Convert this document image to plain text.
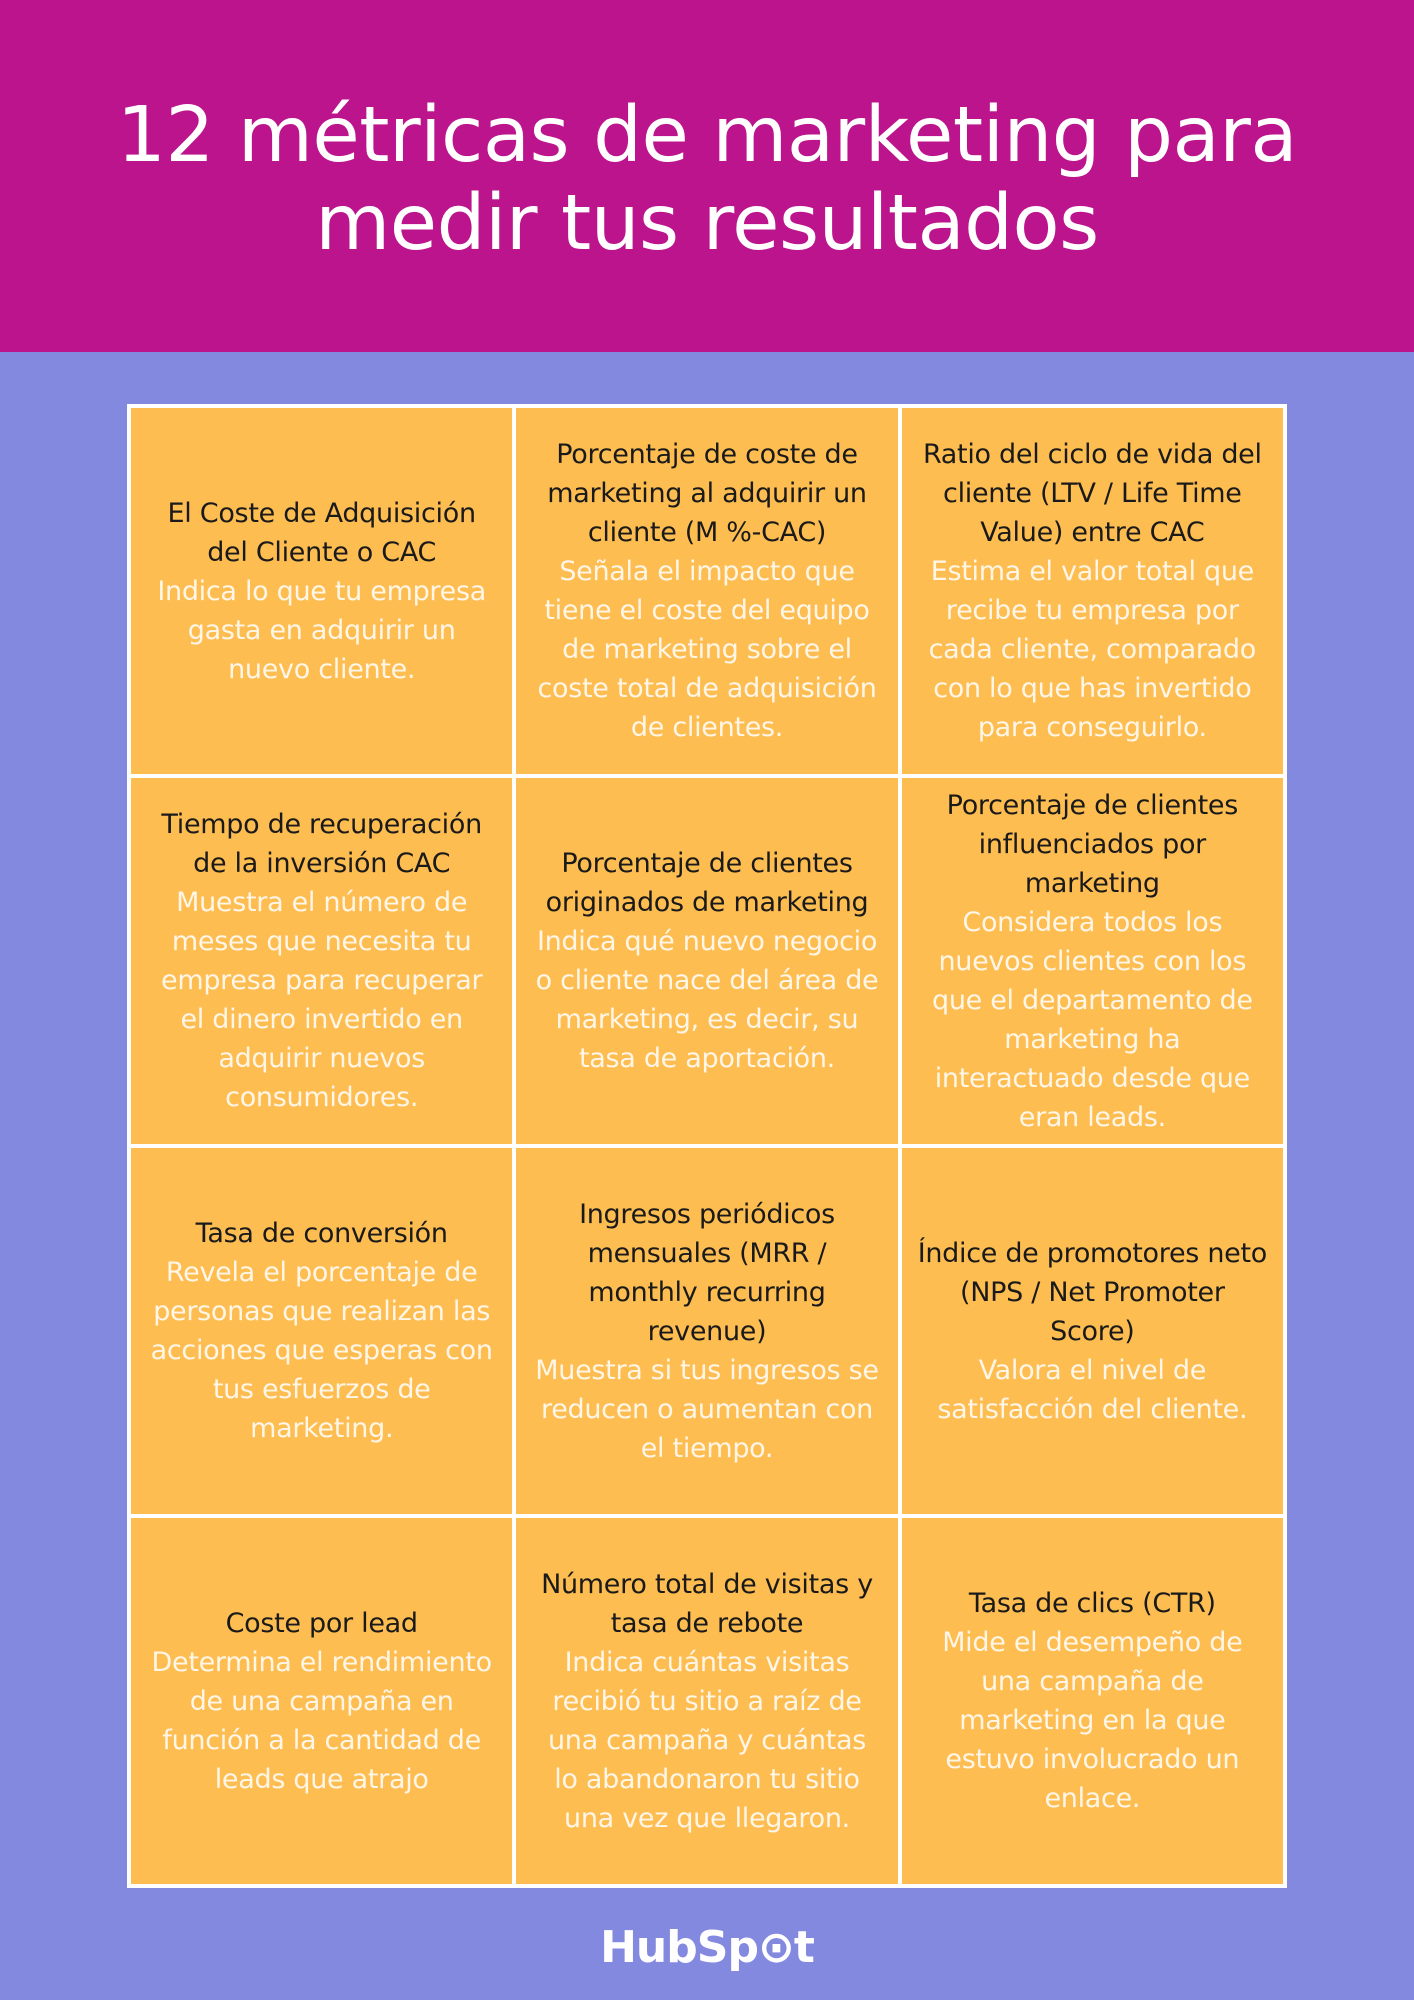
12 métricas de marketing para medir tus resultados
El Coste de Adquisición del Cliente o CAC
Indica lo que tu empresa gasta en adquirir un nuevo cliente.
Porcentaje de coste de marketing al adquirir un cliente (M %-CAC)
Señala el impacto que tiene el coste del equipo de marketing sobre el coste total de adquisición de clientes.
Ratio del ciclo de vida del cliente (LTV / Life Time Value) entre CAC
Estima el valor total que recibe tu empresa por cada cliente, comparado con lo que has invertido para conseguirlo.
Tiempo de recuperación de la inversión CAC
Muestra el número de meses que necesita tu empresa para recuperar el dinero invertido en adquirir nuevos consumidores.
Porcentaje de clientes originados de marketing
Indica qué nuevo negocio o cliente nace del área de marketing, es decir, su tasa de aportación.
Porcentaje de clientes influenciados por marketing
Considera todos los nuevos clientes con los que el departamento de marketing ha interactuado desde que eran leads.
Tasa de conversión
Revela el porcentaje de personas que realizan las acciones que esperas con tus esfuerzos de marketing.
Ingresos periódicos mensuales (MRR / monthly recurring revenue)
Muestra si tus ingresos se reducen o aumentan con el tiempo.
Índice de promotores neto (NPS / Net Promoter Score)
Valora el nivel de satisfacción del cliente.
Coste por lead
Determina el rendimiento de una campaña en función a la cantidad de leads que atrajo
Número total de visitas y tasa de rebote
Indica cuántas visitas recibió tu sitio a raíz de una campaña y cuántas lo abandonaron tu sitio una vez que llegaron.
Tasa de clics (CTR)
Mide el desempeño de una campaña de marketing en la que estuvo involucrado un enlace.
HubSp⊙t
